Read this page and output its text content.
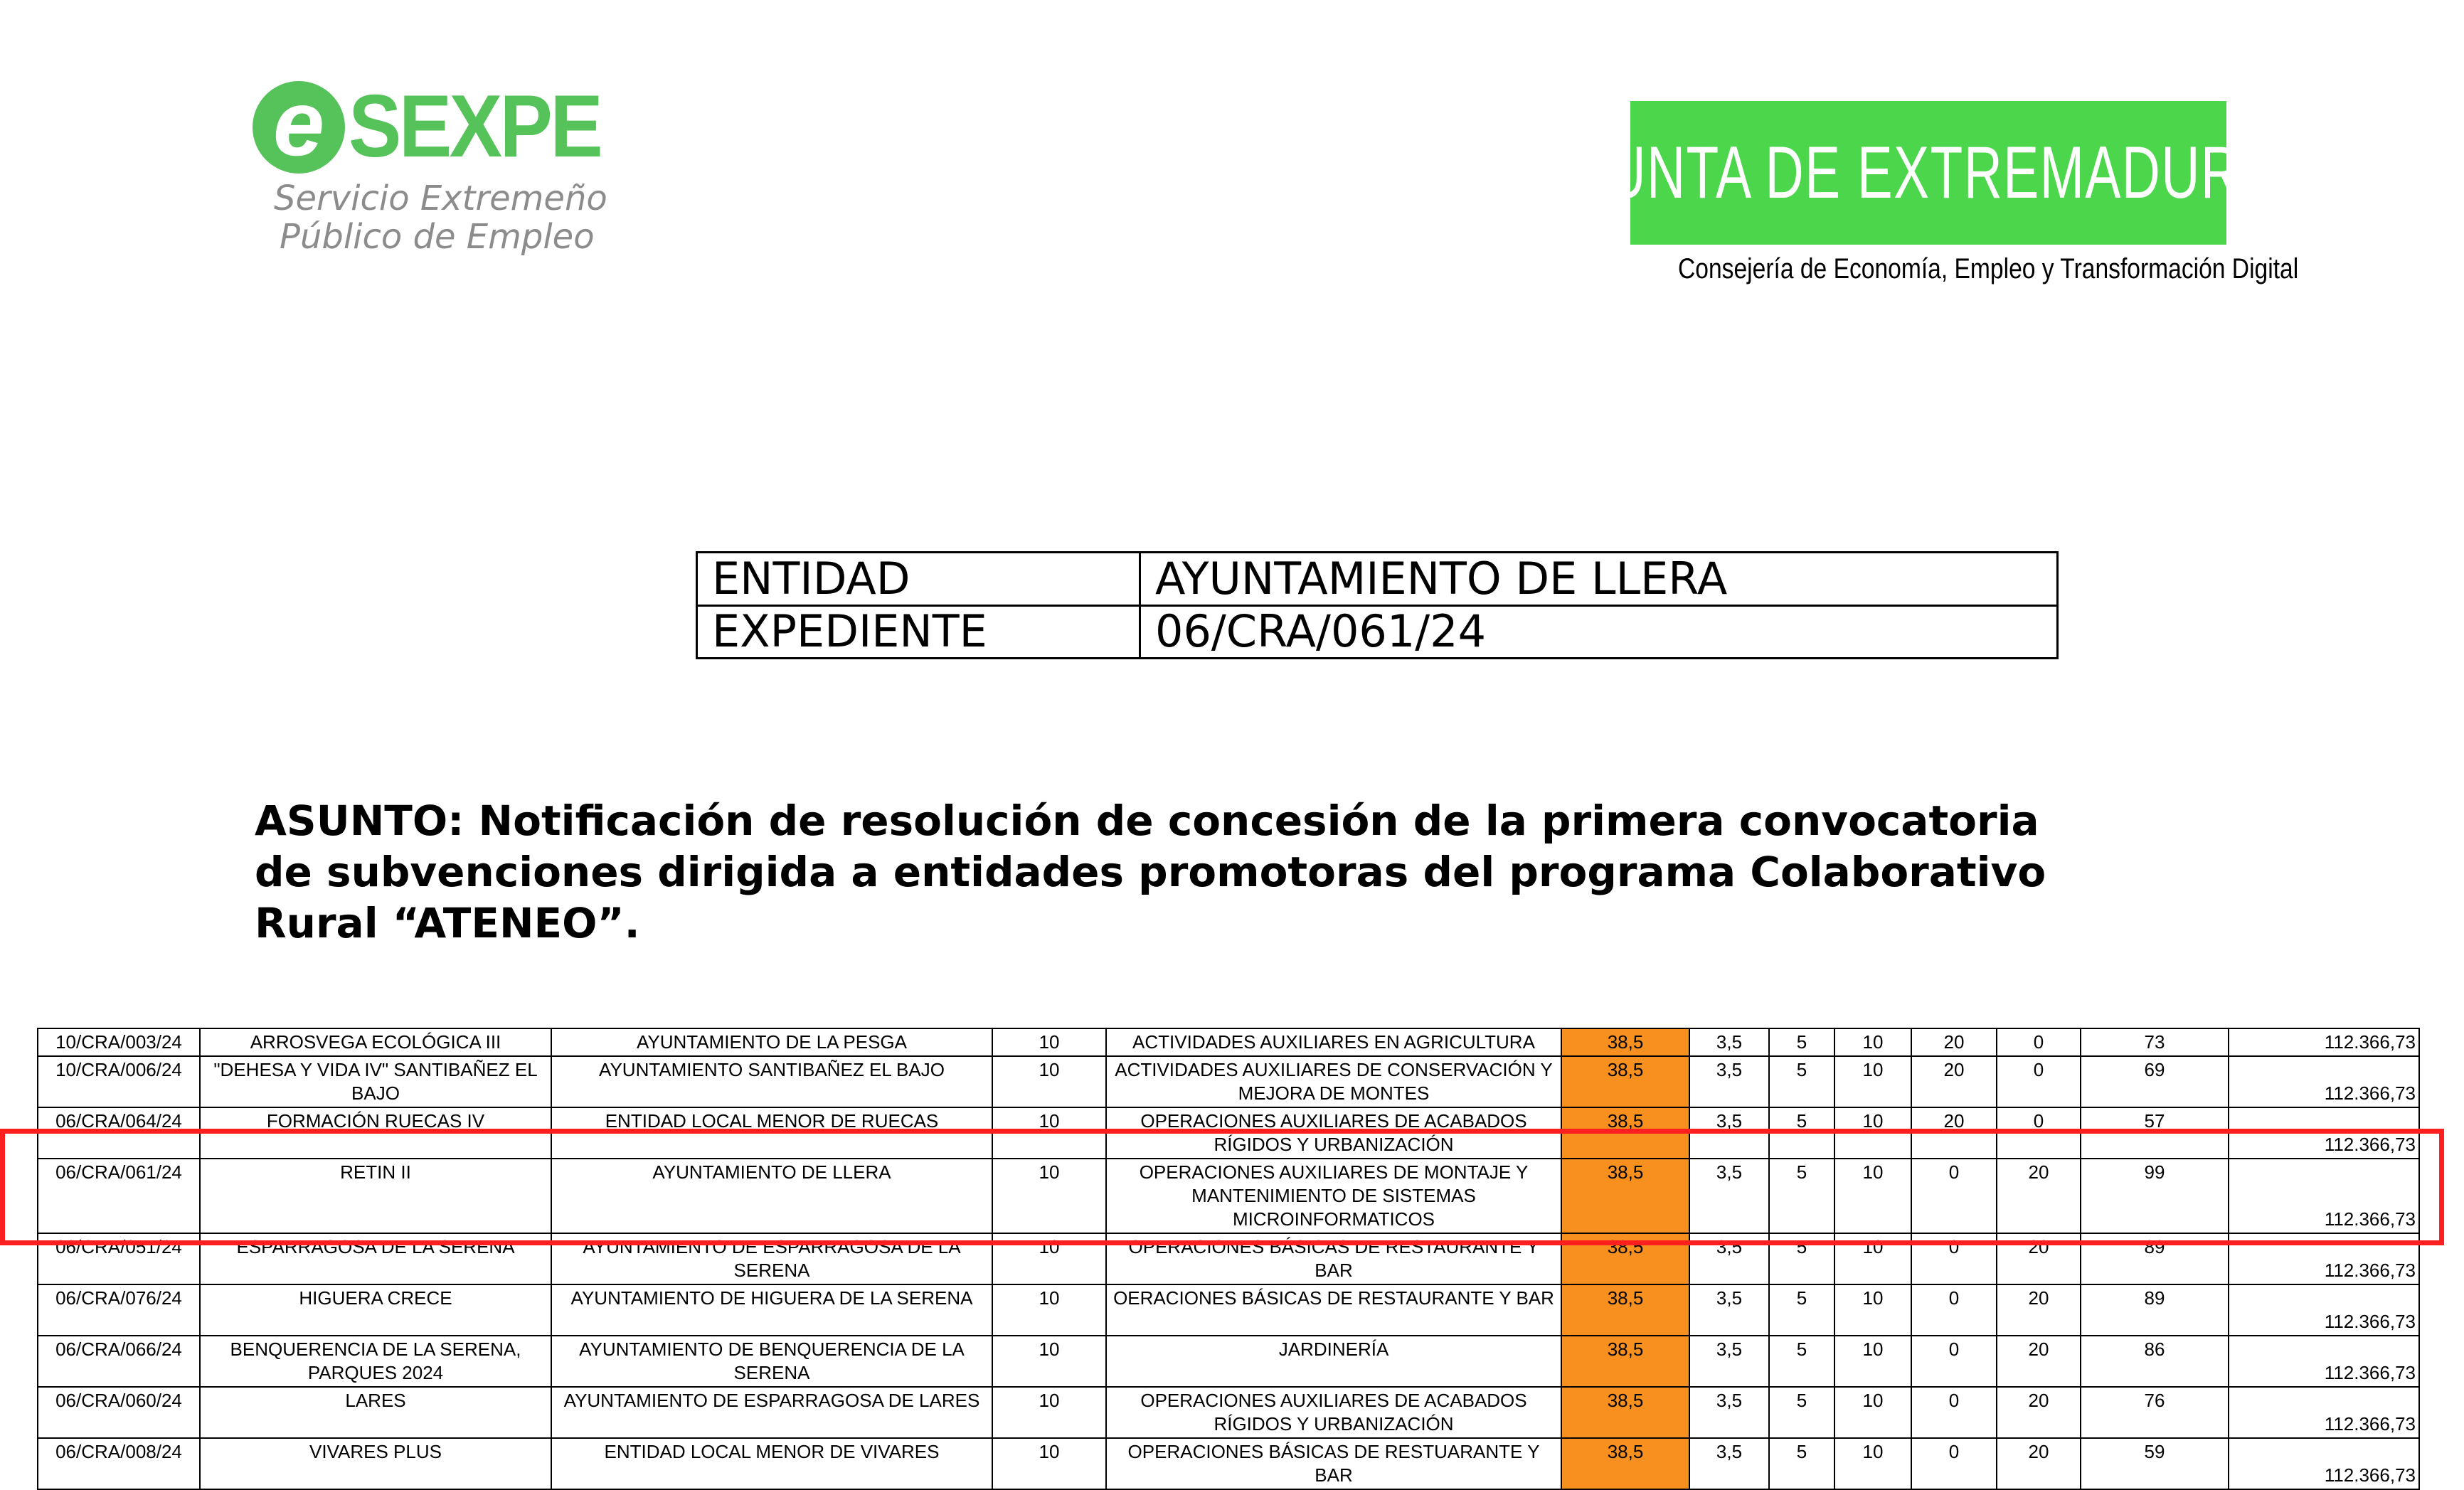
e SEXPE
Servicio Extremeño
Público de Empleo
JUNTA DE EXTREMADURA
Consejería de Economía, Empleo y Transformación Digital
ENTIDAD	AYUNTAMIENTO DE LLERA
EXPEDIENTE	06/CRA/061/24

ASUNTO: Notificación de resolución de concesión de la primera convocatoria de subvenciones dirigida a entidades promotoras del programa Colaborativo Rural “ATENEO”.

10/CRA/003/24	ARROSVEGA ECOLÓGICA III	AYUNTAMIENTO DE LA PESGA	10	ACTIVIDADES AUXILIARES EN AGRICULTURA	38,5	3,5	5	10	20	0	73	112.366,73
10/CRA/006/24	"DEHESA Y VIDA IV" SANTIBAÑEZ EL BAJO	AYUNTAMIENTO SANTIBAÑEZ EL BAJO	10	ACTIVIDADES AUXILIARES DE CONSERVACIÓN Y MEJORA DE MONTES	38,5	3,5	5	10	20	0	69	112.366,73
06/CRA/064/24	FORMACIÓN RUECAS IV	ENTIDAD LOCAL MENOR DE RUECAS	10	OPERACIONES AUXILIARES DE ACABADOS RÍGIDOS Y URBANIZACIÓN	38,5	3,5	5	10	20	0	57	112.366,73
06/CRA/061/24	RETIN II	AYUNTAMIENTO DE LLERA	10	OPERACIONES AUXILIARES DE MONTAJE Y MANTENIMIENTO DE SISTEMAS MICROINFORMATICOS	38,5	3,5	5	10	0	20	99	112.366,73
06/CRA/051/24	ESPARRAGOSA DE LA SERENA	AYUNTAMIENTO DE ESPARRAGOSA DE LA SERENA	10	OPERACIONES BÁSICAS DE RESTAURANTE Y BAR	38,5	3,5	5	10	0	20	89	112.366,73
06/CRA/076/24	HIGUERA CRECE	AYUNTAMIENTO DE HIGUERA DE LA SERENA	10	OERACIONES BÁSICAS DE RESTAURANTE Y BAR	38,5	3,5	5	10	0	20	89	112.366,73
06/CRA/066/24	BENQUERENCIA DE LA SERENA, PARQUES 2024	AYUNTAMIENTO DE BENQUERENCIA DE LA SERENA	10	JARDINERÍA	38,5	3,5	5	10	0	20	86	112.366,73
06/CRA/060/24	LARES	AYUNTAMIENTO DE ESPARRAGOSA DE LARES	10	OPERACIONES AUXILIARES DE ACABADOS RÍGIDOS Y URBANIZACIÓN	38,5	3,5	5	10	0	20	76	112.366,73
06/CRA/008/24	VIVARES PLUS	ENTIDAD LOCAL MENOR DE VIVARES	10	OPERACIONES BÁSICAS DE RESTUARANTE Y BAR	38,5	3,5	5	10	0	20	59	112.366,73
